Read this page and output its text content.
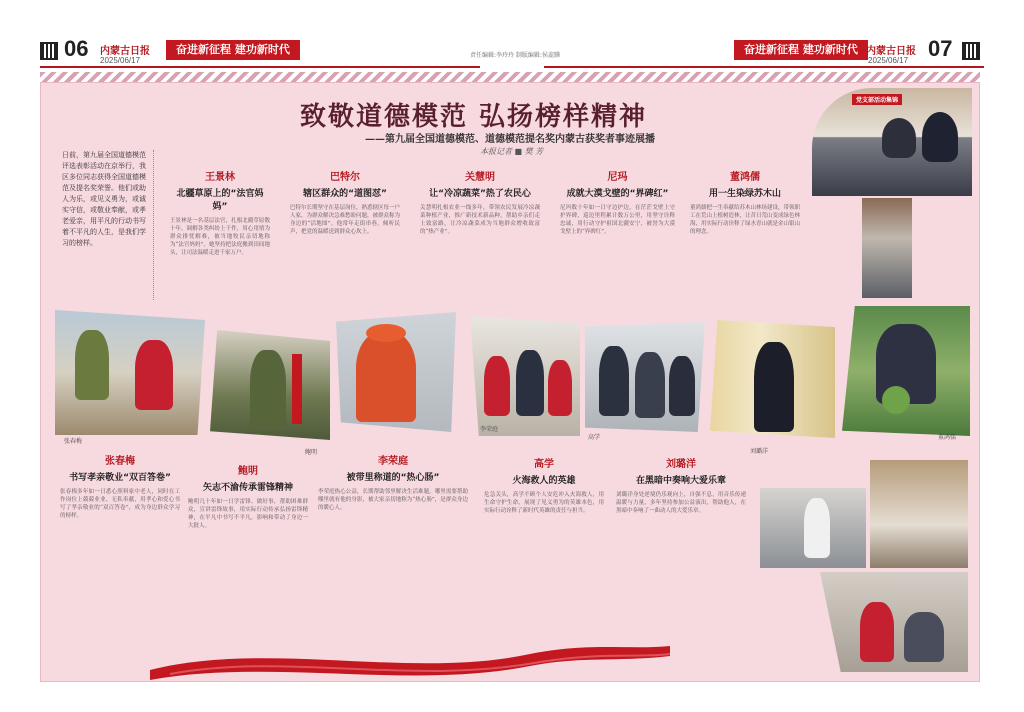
06 内蒙古日报
2025/06/17
奋进新征程 建功新时代	责任编辑:李玲玲 制版编辑:侯蕊驊	奋进新征程 建功新时代 内蒙古日报
2025/06/17 07
致敬道德模范 弘扬榜样精神
——第九届全国道德模范、道德模范提名奖内蒙古获奖者事迹展播
本报记者 ■ 樊 芳
日前，第九届全国道德模范评选表彰活动在京举行，我区多位同志获得全国道德模范及提名奖荣誉。他们或助人为乐，或见义勇为，或诚实守信，或敬业奉献，或孝老爱亲，用平凡的行动书写着不平凡的人生，是我们学习的榜样。
党支部活动集锦
王景林
北疆草原上的“法官妈妈”
王景林是一名基层法官，扎根北疆草原数十年，调解各类纠纷上千件，用心用情为群众排忧解难，被当地牧民亲切地称为“法官妈妈”。她坚持把法庭搬到田间地头，让司法温暖走进千家万户。
巴特尔
辖区群众的“道图怼”
巴特尔长期坚守在基层岗位，熟悉辖区每一户人家，为群众解决急难愁盼问题，被群众称为身边的“活地图”。他常年走街串巷，倾听民声，把党的温暖送到群众心坎上。
关慧明
让“冷凉蔬菜”热了农民心
关慧明扎根农业一线多年，带领农民发展冷凉蔬菜种植产业，推广新技术新品种，帮助乡亲们走上致富路，让冷凉蔬菜成为当地群众增收致富的“热产业”。
尼玛
成就大漠戈壁的“界碑红”
尼玛数十年如一日守边护边，在茫茫戈壁上守护界碑，巡边里程累计数万公里，用坚守诠释忠诚，用行动守护祖国北疆安宁，被誉为大漠戈壁上的“界碑红”。
董鸿儒
用一生染绿苏木山
董鸿儒把一生奉献给苏木山林场建设，带领职工在荒山上植树造林，让昔日荒山变成绿色林海，用实际行动诠释了绿水青山就是金山银山的理念。
张春梅
鲍明
李荣庭
高学
刘璐洋
董鸿儒
张春梅
书写孝亲敬业“双百答卷”
张春梅多年如一日悉心照料家中老人，同时在工作岗位上兢兢业业、无私奉献，用孝心和爱心书写了孝亲敬业的“双百答卷”，成为身边群众学习的榜样。
鲍明
矢志不渝传承雷锋精神
鲍明几十年如一日学雷锋、做好事，帮助困难群众，宣讲雷锋故事，用实际行动传承弘扬雷锋精神，在平凡中书写不平凡，影响和带动了身边一大批人。
李荣庭
被带里称道的“热心肠”
李荣庭热心公益，长期帮助邻里解决生活难题，哪里需要帮助哪里就有他的身影，被大家亲切地称为“热心肠”，是群众身边的暖心人。
高学
火海救人的英雄
危急关头，高学不顾个人安危冲入火海救人，用生命守护生命，展现了见义勇为的英雄本色，用实际行动诠释了新时代英雄的责任与担当。
刘璐洋
在黑暗中奏响大爱乐章
刘璐洋身处逆境仍乐观向上，自强不息，用音乐传递温暖与力量，多年坚持参加公益演出，帮助他人，在黑暗中奏响了一曲动人的大爱乐章。
